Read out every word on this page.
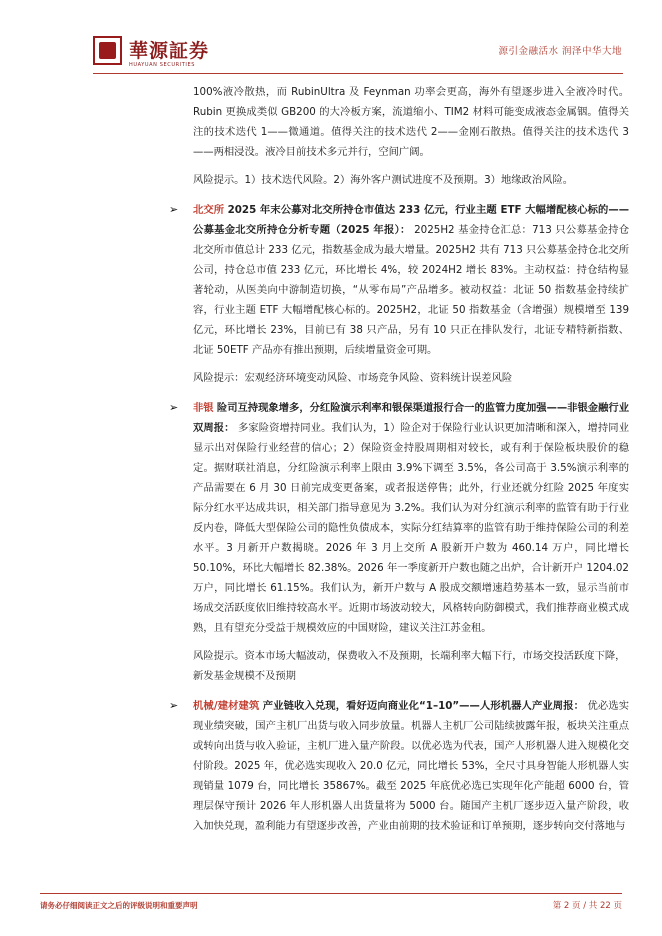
華源証券
HUAYUAN SECURITIES
源引金融活水 润泽中华大地

100%液冷散热，而 RubinUltra 及 Feynman 功率会更高，海外有望逐步进入全液冷时代。Rubin 更换成类似 GB200 的大冷板方案，流道缩小、TIM2 材料可能变成液态金属铟。值得关注的技术迭代 1——微通道。值得关注的技术迭代 2——金刚石散热。值得关注的技术迭代 3——两相浸没。液冷目前技术多元并行，空间广阔。

风险提示。1）技术迭代风险。2）海外客户测试进度不及预期。3）地缘政治风险。

➢ 北交所 2025 年末公募对北交所持仓市值达 233 亿元，行业主题 ETF 大幅增配核心标的——公募基金北交所持仓分析专题（2025 年报）： 2025H2 基金持仓汇总：713 只公募基金持仓北交所市值总计 233 亿元，指数基金成为最大增量。2025H2 共有 713 只公募基金持仓北交所公司，持仓总市值 233 亿元，环比增长 4%，较 2024H2 增长 83%。主动权益：持仓结构显著轮动，从医美向中游制造切换，“从零布局”产品增多。被动权益：北证 50 指数基金持续扩容，行业主题 ETF 大幅增配核心标的。2025H2，北证 50 指数基金（含增强）规模增至 139 亿元，环比增长 23%，目前已有 38 只产品，另有 10 只正在排队发行，北证专精特新指数、北证 50ETF 产品亦有推出预期，后续增量资金可期。

风险提示：宏观经济环境变动风险、市场竞争风险、资料统计误差风险

➢ 非银 险司互持现象增多，分红险演示利率和银保渠道报行合一的监管力度加强——非银金融行业双周报： 多家险资增持同业。我们认为，1）险企对于保险行业认识更加清晰和深入，增持同业显示出对保险行业经营的信心；2）保险资金持股周期相对较长，或有利于保险板块股价的稳定。据财联社消息，分红险演示利率上限由 3.9%下调至 3.5%，各公司高于 3.5%演示利率的产品需要在 6 月 30 日前完成变更备案，或者报送停售；此外，行业还就分红险 2025 年度实际分红水平达成共识，相关部门指导意见为 3.2%。我们认为对分红演示利率的监管有助于行业反内卷，降低大型保险公司的隐性负债成本，实际分红结算率的监管有助于维持保险公司的利差水平。3 月新开户数揭晓。2026 年 3 月上交所 A 股新开户数为 460.14 万户，同比增长 50.10%，环比大幅增长 82.38%。2026 年一季度新开户数也随之出炉，合计新开户 1204.02 万户，同比增长 61.15%。我们认为，新开户数与 A 股成交额增速趋势基本一致，显示当前市场成交活跃度依旧维持较高水平。近期市场波动较大，风格转向防御模式，我们推荐商业模式成熟，且有望充分受益于规模效应的中国财险，建议关注江苏金租。

风险提示。资本市场大幅波动，保费收入不及预期，长端利率大幅下行，市场交投活跃度下降，新发基金规模不及预期

➢ 机械/建材建筑 产业链收入兑现，看好迈向商业化“1–10”——人形机器人产业周报： 优必选实现业绩突破，国产主机厂出货与收入同步放量。机器人主机厂公司陆续披露年报，板块关注重点或转向出货与收入验证，主机厂进入量产阶段。以优必选为代表，国产人形机器人进入规模化交付阶段。2025 年，优必选实现收入 20.0 亿元，同比增长 53%，全尺寸具身智能人形机器人实现销量 1079 台，同比增长 35867%。截至 2025 年底优必选已实现年化产能超 6000 台，管理层保守预计 2026 年人形机器人出货量将为 5000 台。随国产主机厂逐步迈入量产阶段，收入加快兑现，盈利能力有望逐步改善，产业由前期的技术验证和订单预期，逐步转向交付落地与

请务必仔细阅读正文之后的评级说明和重要声明	第 2 页 / 共 22 页
